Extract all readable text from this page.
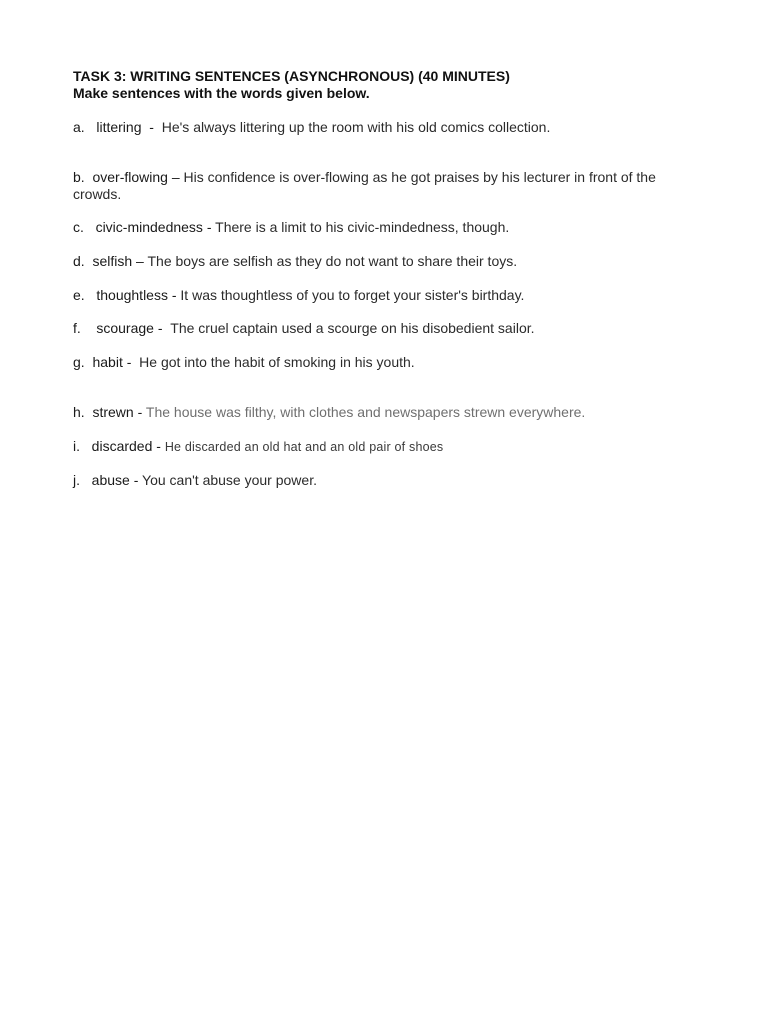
TASK 3: WRITING SENTENCES (ASYNCHRONOUS) (40 MINUTES)

Make sentences with the words given below.

a. littering - He's always littering up the room with his old comics collection.
b. over-flowing – His confidence is over-flowing as he got praises by his lecturer in front of the crowds.
c. civic-mindedness - There is a limit to his civic-mindedness, though.
d. selfish – The boys are selfish as they do not want to share their toys.
e. thoughtless - It was thoughtless of you to forget your sister's birthday.
f. scourage - The cruel captain used a scourge on his disobedient sailor.
g. habit - He got into the habit of smoking in his youth.
h. strewn - The house was filthy, with clothes and newspapers strewn everywhere.
i. discarded - He discarded an old hat and an old pair of shoes
j. abuse - You can't abuse your power.
